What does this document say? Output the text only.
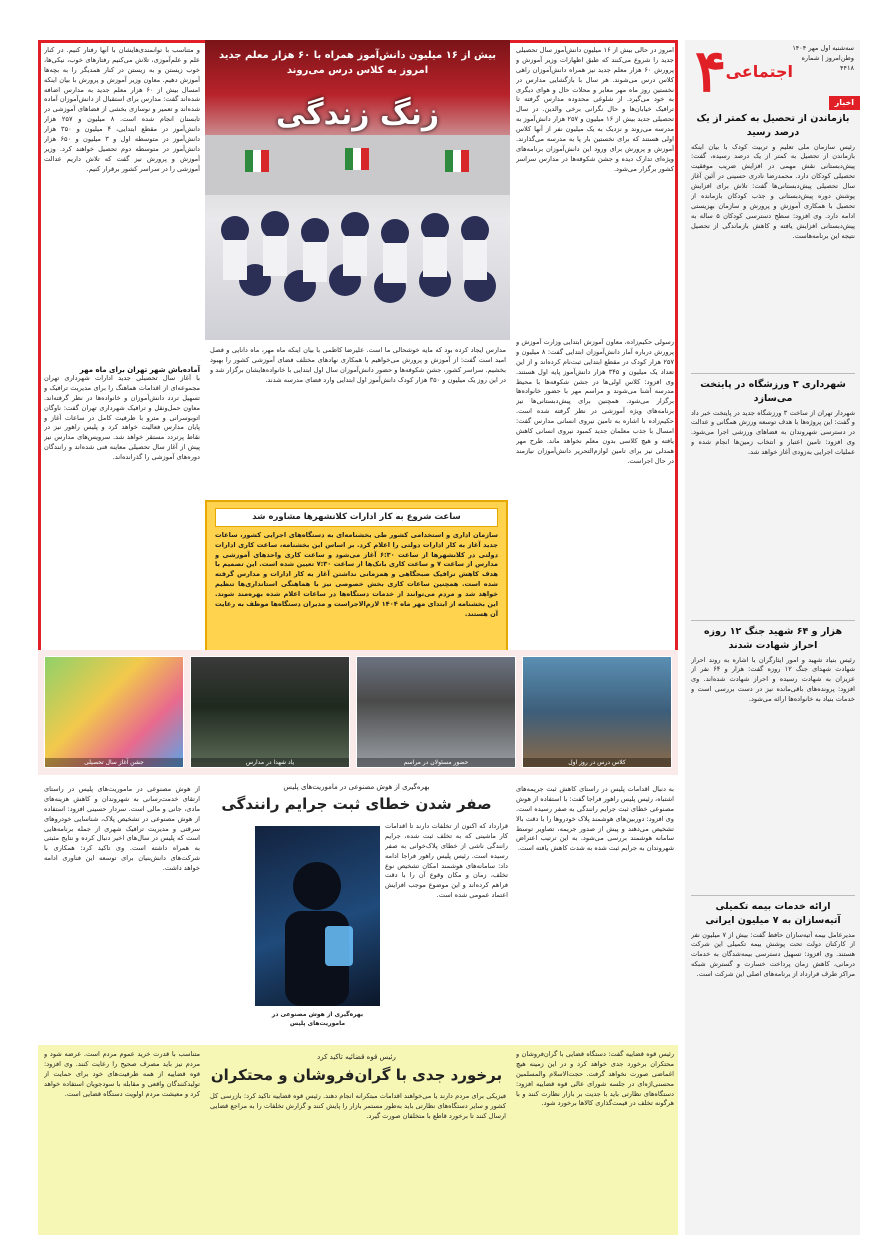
سه‌شنبه اول مهر ۱۴۰۴
وطن‌امروز | شماره ۴۴۱۸
۴ اجتماعی
اخبار
بازماندن از تحصیل به کمتر از یک درصد رسید
رئیس سازمان ملی تعلیم و تربیت کودک با بیان اینکه بازماندن از تحصیل به کمتر از یک درصد رسیده، گفت: پیش‌دبستانی نقش مهمی در افزایش ضریب موفقیت تحصیلی کودکان دارد. محمدرضا نادری حسینی در آئین آغاز سال تحصیلی پیش‌دبستانی‌ها گفت: تلاش برای افزایش پوشش دوره پیش‌دبستانی و جذب کودکان بازمانده از تحصیل با همکاری آموزش و پرورش و سازمان بهزیستی ادامه دارد. وی افزود: سطح دسترسی کودکان ۵ ساله به پیش‌دبستانی افزایش یافته و کاهش بازماندگی از تحصیل نتیجه این برنامه‌هاست.
شهرداری ۳ ورزشگاه در پایتخت می‌سازد
شهردار تهران از ساخت ۳ ورزشگاه جدید در پایتخت خبر داد و گفت: این پروژه‌ها با هدف توسعه ورزش همگانی و عدالت در دسترسی شهروندان به فضاهای ورزشی اجرا می‌شود. وی افزود: تامین اعتبار و انتخاب زمین‌ها انجام شده و عملیات اجرایی به‌زودی آغاز خواهد شد.
هزار و ۶۴ شهید جنگ ۱۲ روزه احراز شهادت شدند
رئیس بنیاد شهید و امور ایثارگران با اشاره به روند احراز شهادت شهدای جنگ ۱۲ روزه گفت: هزار و ۶۴ نفر از عزیزان به شهادت رسیده و احراز شهادت شده‌اند. وی افزود: پرونده‌های باقی‌مانده نیز در دست بررسی است و خدمات بنیاد به خانواده‌ها ارائه می‌شود.
ارائه خدمات بیمه تکمیلی آتیه‌سازان به ۷ میلیون ایرانی
مدیرعامل بیمه آتیه‌سازان حافظ گفت: بیش از ۷ میلیون نفر از کارکنان دولت تحت پوشش بیمه تکمیلی این شرکت هستند. وی افزود: تسهیل دسترسی بیمه‌شدگان به خدمات درمانی، کاهش زمان پرداخت خسارت و گسترش شبکه مراکز طرف قرارداد از برنامه‌های اصلی این شرکت است.
بیش از ۱۶ میلیون دانش‌آموز همراه با ۶۰ هزار معلم جدید امروز به کلاس درس می‌روند
زنگ زندگی
امروز در حالی بیش از ۱۶ میلیون دانش‌آموز سال تحصیلی جدید را شروع می‌کنند که طبق اظهارات وزیر آموزش و پرورش ۶۰ هزار معلم جدید نیز همراه دانش‌آموزان راهی کلاس درس می‌شوند. هر سال با بازگشایی مدارس در نخستین روز ماه مهر معابر و محلات حال و هوای دیگری به خود می‌گیرد. از شلوغی محدوده مدارس گرفته تا ترافیک خیابان‌ها و حال نگرانی برخی والدین. در سال تحصیلی جدید بیش از ۱۶ میلیون و ۲۵۷ هزار دانش‌آموز به مدرسه می‌روند و نزدیک به یک میلیون نفر از آنها کلاس اولی هستند که برای نخستین بار پا به مدرسه می‌گذارند. آموزش و پرورش برای ورود این دانش‌آموزان برنامه‌های ویژه‌ای تدارک دیده و جشن شکوفه‌ها در مدارس سراسر کشور برگزار می‌شود.
رسولی حکیم‌زاده، معاون آموزش ابتدایی وزارت آموزش و پرورش درباره آمار دانش‌آموزان ابتدایی گفت: ۸ میلیون و ۲۵۷ هزار کودک در مقطع ابتدایی ثبت‌نام کرده‌اند و از این تعداد یک میلیون و ۳۴۵ هزار دانش‌آموز پایه اول هستند. وی افزود: کلاس اولی‌ها در جشن شکوفه‌ها با محیط مدرسه آشنا می‌شوند و مراسم مهر با حضور خانواده‌ها برگزار می‌شود. همچنین برای پیش‌دبستانی‌ها نیز برنامه‌های ویژه آموزشی در نظر گرفته شده است. حکیم‌زاده با اشاره به تامین نیروی انسانی مدارس گفت: امسال با جذب معلمان جدید کمبود نیروی انسانی کاهش یافته و هیچ کلاسی بدون معلم نخواهد ماند. طرح مهر همدلی نیز برای تامین لوازم‌التحریر دانش‌آموزان نیازمند در حال اجراست.
مدارس ایجاد کرده بود که مایه خوشحالی ما است. علیرضا کاظمی با بیان اینکه ماه مهر، ماه دانایی و فصل امید است گفت: از آموزش و پرورش می‌خواهیم با همکاری نهادهای مختلف فضای آموزشی کشور را بهبود بخشیم. سراسر کشور، جشن شکوفه‌ها و حضور دانش‌آموزان سال اول ابتدایی با خانواده‌هایشان برگزار شد و در این روز یک میلیون و ۳۵۰ هزار کودک دانش‌آموز اول ابتدایی وارد فضای مدرسه شدند.
و متناسب با توانمندی‌هایشان با آنها رفتار کنیم. در کنار علم و علم‌آموزی، تلاش می‌کنیم رفتارهای خوب، نیکی‌ها، خوب زیستن و به زیستن در کنار همدیگر را به بچه‌ها آموزش دهیم. معاون وزیر آموزش و پرورش با بیان اینکه امسال بیش از ۶۰ هزار معلم جدید به مدارس اضافه شده‌اند گفت: مدارس برای استقبال از دانش‌آموزان آماده شده‌اند و تعمیر و نوسازی بخشی از فضاهای آموزشی در تابستان انجام شده است. ۸ میلیون و ۲۵۷ هزار دانش‌آموز در مقطع ابتدایی، ۴ میلیون و ۳۵۰ هزار دانش‌آموز در متوسطه اول و ۳ میلیون و ۶۵۰ هزار دانش‌آموز در متوسطه دوم تحصیل خواهند کرد. وزیر آموزش و پرورش نیز گفت که تلاش داریم عدالت آموزشی را در سراسر کشور برقرار کنیم.
آماده‌باش شهر تهران برای ماه مهر
با آغاز سال تحصیلی جدید ادارات شهرداری تهران مجموعه‌ای از اقدامات هماهنگ را برای مدیریت ترافیک و تسهیل تردد دانش‌آموزان و خانواده‌ها در نظر گرفته‌اند. معاون حمل‌ونقل و ترافیک شهرداری تهران گفت: ناوگان اتوبوسرانی و مترو با ظرفیت کامل در ساعات آغاز و پایان مدارس فعالیت خواهد کرد و پلیس راهور نیز در نقاط پرتردد مستقر خواهد شد. سرویس‌های مدارس نیز پیش از آغاز سال تحصیلی معاینه فنی شده‌اند و رانندگان دوره‌های آموزشی را گذرانده‌اند.
ساعت شروع به کار ادارات کلانشهرها مشاوره شد
سازمان اداری و استخدامی کشور طی بخشنامه‌ای به دستگاه‌های اجرایی کشور، ساعات جدید آغاز به کار ادارات دولتی را اعلام کرد. بر اساس این بخشنامه، ساعت کاری ادارات دولتی در کلانشهرها از ساعت ۶:۳۰ آغاز می‌شود و ساعت کاری واحدهای آموزشی و مدارس از ساعت ۷ و ساعت کاری بانک‌ها از ساعت ۷:۳۰ تعیین شده است. این تصمیم با هدف کاهش ترافیک صبحگاهی و همزمانی نداشتن آغاز به کار ادارات و مدارس گرفته شده است. همچنین ساعات کاری بخش خصوصی نیز با هماهنگی استانداری‌ها تنظیم خواهد شد و مردم می‌توانند از خدمات دستگاه‌ها در ساعات اعلام شده بهره‌مند شوند. این بخشنامه از ابتدای مهر ماه ۱۴۰۴ لازم‌الاجراست و مدیران دستگاه‌ها موظف به رعایت آن هستند.
کلاس درس در روز اول
حضور مسئولان در مراسم
یاد شهدا در مدارس
جشن آغاز سال تحصیلی
بهره‌گیری از هوش مصنوعی در ماموریت‌های پلیس
صفر شدن خطای ثبت جرایم رانندگی
به دنبال اقدامات پلیس در راستای کاهش ثبت جریمه‌های اشتباه، رئیس پلیس راهور فراجا گفت: با استفاده از هوش مصنوعی خطای ثبت جرایم رانندگی به صفر رسیده است. وی افزود: دوربین‌های هوشمند پلاک خودروها را با دقت بالا تشخیص می‌دهند و پیش از صدور جریمه، تصاویر توسط سامانه هوشمند بررسی می‌شود. به این ترتیب اعتراض شهروندان به جرایم ثبت شده به شدت کاهش یافته است.
قرارداد که اکنون از تخلفات دارند تا اقدامات کار ماشینی که به تخلف ثبت شده، جرایم رانندگی ناشی از خطای پلاک‌خوانی به صفر رسیده است. رئیس پلیس راهور فراجا ادامه داد: سامانه‌های هوشمند امکان تشخیص نوع تخلف، زمان و مکان وقوع آن را با دقت فراهم کرده‌اند و این موضوع موجب افزایش اعتماد عمومی شده است.
بهره‌گیری از هوش مصنوعی در ماموریت‌های پلیس
از هوش مصنوعی در ماموریت‌های پلیس در راستای ارتقای خدمت‌رسانی به شهروندان و کاهش هزینه‌های مادی، جانی و مالی است. سردار حسینی افزود: استفاده از هوش مصنوعی در تشخیص پلاک، شناسایی خودروهای سرقتی و مدیریت ترافیک شهری از جمله برنامه‌هایی است که پلیس در سال‌های اخیر دنبال کرده و نتایج مثبتی به همراه داشته است. وی تاکید کرد: همکاری با شرکت‌های دانش‌بنیان برای توسعه این فناوری ادامه خواهد داشت.
رئیس قوه قضائیه تاکید کرد
برخورد جدی با گران‌فروشان و محتکران
رئیس قوه قضاییه گفت: دستگاه قضایی با گران‌فروشان و محتکران برخورد جدی خواهد کرد و در این زمینه هیچ اغماضی صورت نخواهد گرفت. حجت‌الاسلام والمسلمین محسنی‌اژه‌ای در جلسه شورای عالی قوه قضاییه افزود: دستگاه‌های نظارتی باید با جدیت بر بازار نظارت کنند و با هرگونه تخلف در قیمت‌گذاری کالاها برخورد شود.
فیزیکی برای مردم دارند یا می‌خواهند اقدامات مبتکرانه انجام دهند. رئیس قوه قضاییه تاکید کرد: بازرسی کل کشور و سایر دستگاه‌های نظارتی باید به‌طور مستمر بازار را پایش کنند و گزارش تخلفات را به مراجع قضایی ارسال کنند تا برخورد قاطع با متخلفان صورت گیرد.
متناسب با قدرت خرید عموم مردم است. عرضه شود و مردم نیز باید مصرف صحیح را رعایت کنند. وی افزود: قوه قضاییه از همه ظرفیت‌های خود برای حمایت از تولیدکنندگان واقعی و مقابله با سودجویان استفاده خواهد کرد و معیشت مردم اولویت دستگاه قضایی است.
